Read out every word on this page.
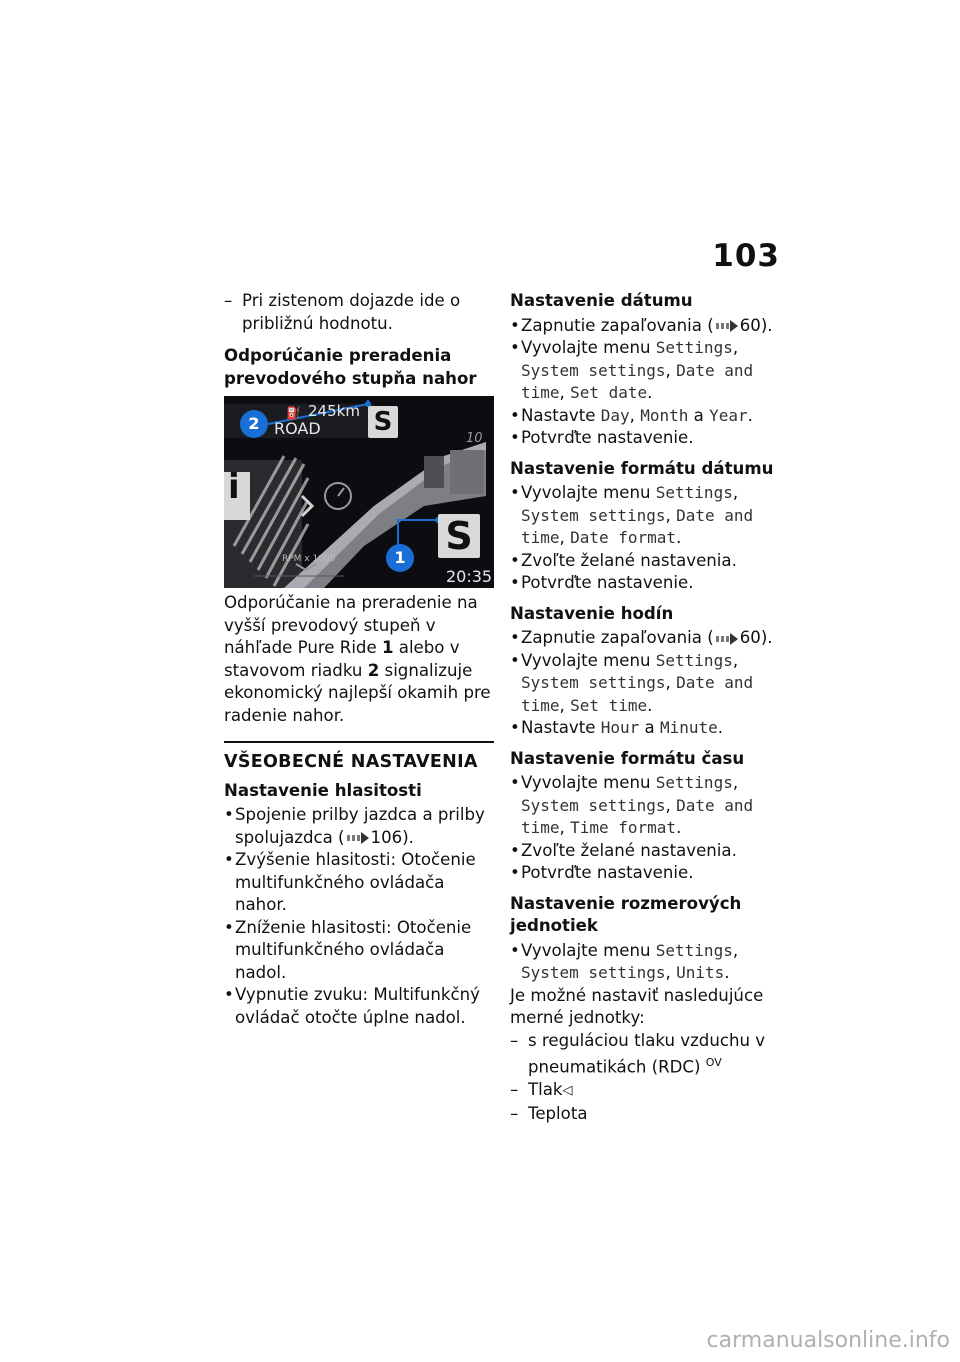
103

– Pri zistenom dojazde ide o približnú hodnotu.

Odporúčanie preradenia prevodového stupňa nahor
245km
⛽
ROAD S
S
i
10
RPM x 1000
20:35
2
1

Odporúčanie na preradenie na vyšší prevodový stupeň v náhľade Pure Ride 1 alebo v stavovom riadku 2 signalizuje ekonomický najlepší okamih pre radenie nahor.

VŠEOBECNÉ NASTAVENIA
Nastavenie hlasitosti

• Spojenie prilby jazdca a prilby spolujazdca ( 106).

• Zvýšenie hlasitosti: Otočenie multifunkčného ovládača nahor.

• Zníženie hlasitosti: Otočenie multifunkčného ovládača nadol.

• Vypnutie zvuku: Multifunkčný ovládač otočte úplne nadol.

Nastavenie dátumu

• Zapnutie zapaľovania ( 60).

• Vyvolajte menu Settings, System settings, Date and time, Set date.

• Nastavte Day, Month a Year.

• Potvrďte nastavenie.

Nastavenie formátu dátumu

• Vyvolajte menu Settings, System settings, Date and time, Date format.

• Zvoľte želané nastavenia.

• Potvrďte nastavenie.

Nastavenie hodín

• Zapnutie zapaľovania ( 60).

• Vyvolajte menu Settings, System settings, Date and time, Set time.

• Nastavte Hour a Minute.

Nastavenie formátu času

• Vyvolajte menu Settings, System settings, Date and time, Time format.

• Zvoľte želané nastavenia.

• Potvrďte nastavenie.

Nastavenie rozmerových jednotiek

• Vyvolajte menu Settings, System settings, Units.

Je možné nastaviť nasledujúce merné jednotky:

– s reguláciou tlaku vzduchu v pneumatikách (RDC) $^{OV}$

– Tlak◁

– Teplota

carmanualsonline.info
